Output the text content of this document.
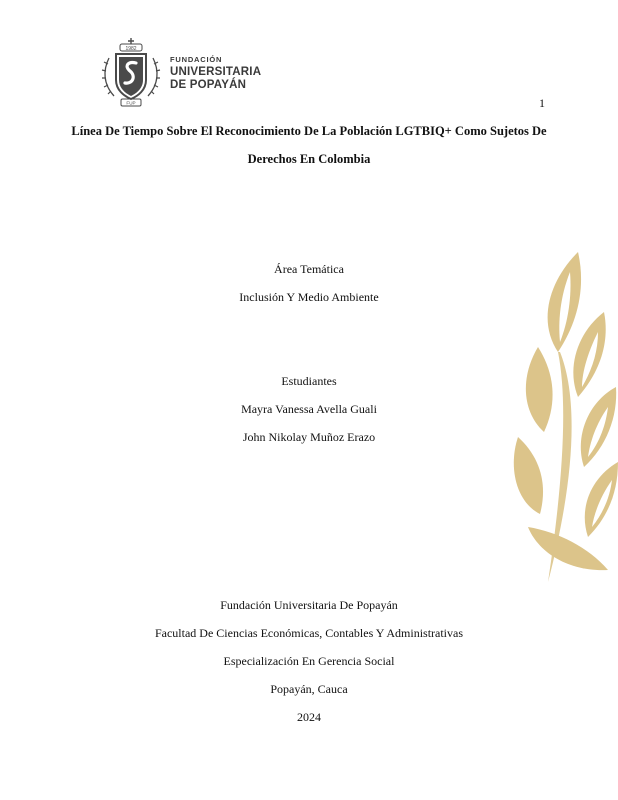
1982
FUP
FUNDACIÓN
UNIVERSITARIA
DE POPAYÁN
1
Línea De Tiempo Sobre El Reconocimiento De La Población LGTBIQ+ Como Sujetos De
Derechos En Colombia
Área Temática
Inclusión Y Medio Ambiente
Estudiantes
Mayra Vanessa Avella Guali
John Nikolay Muñoz Erazo
Fundación Universitaria De Popayán
Facultad De Ciencias Económicas, Contables Y Administrativas
Especialización En Gerencia Social
Popayán, Cauca
2024
